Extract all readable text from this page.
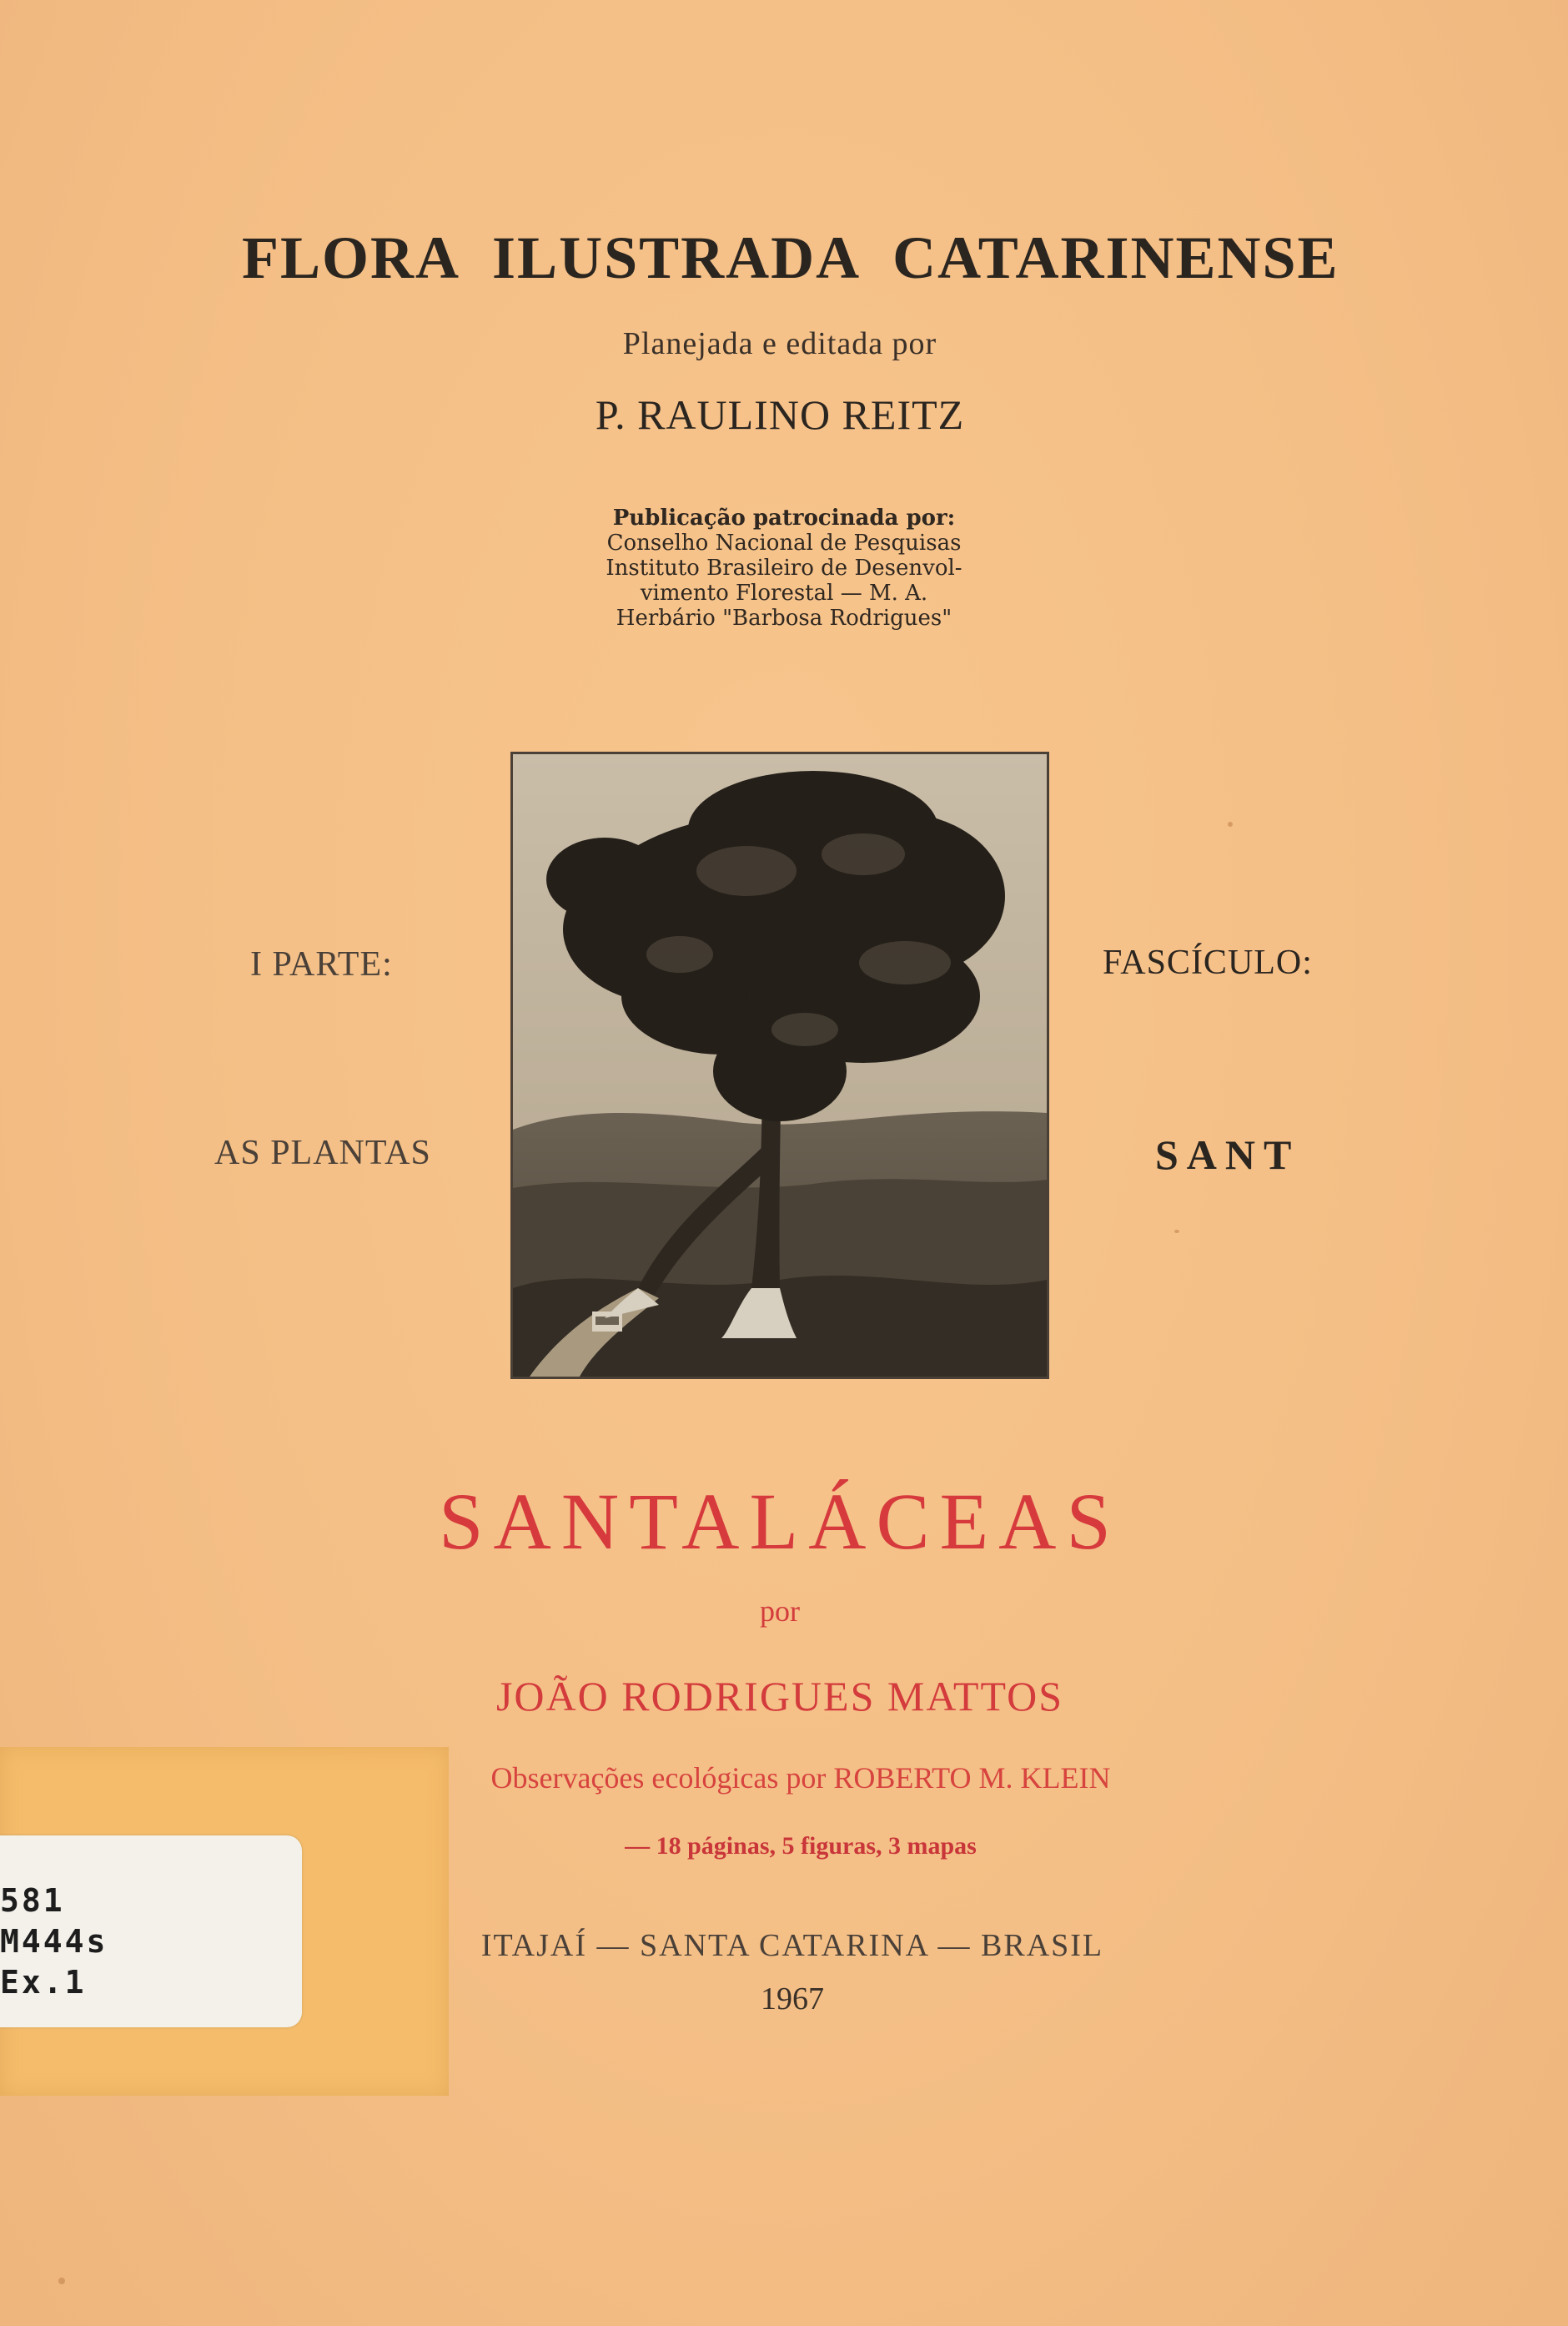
FLORA ILUSTRADA CATARINENSE
Planejada e editada por
P. RAULINO REITZ
Publicação patrocinada por:
Conselho Nacional de Pesquisas
Instituto Brasileiro de Desenvol-
vimento Florestal — M. A.
Herbário "Barbosa Rodrigues"
I PARTE:
AS PLANTAS
FASCÍCULO:
SANT
SANTALÁCEAS
por
JOÃO RODRIGUES MATTOS
Observações ecológicas por ROBERTO M. KLEIN
— 18 páginas, 5 figuras, 3 mapas
ITAJAÍ — SANTA CATARINA — BRASIL
1967
581
M444s
Ex.1
